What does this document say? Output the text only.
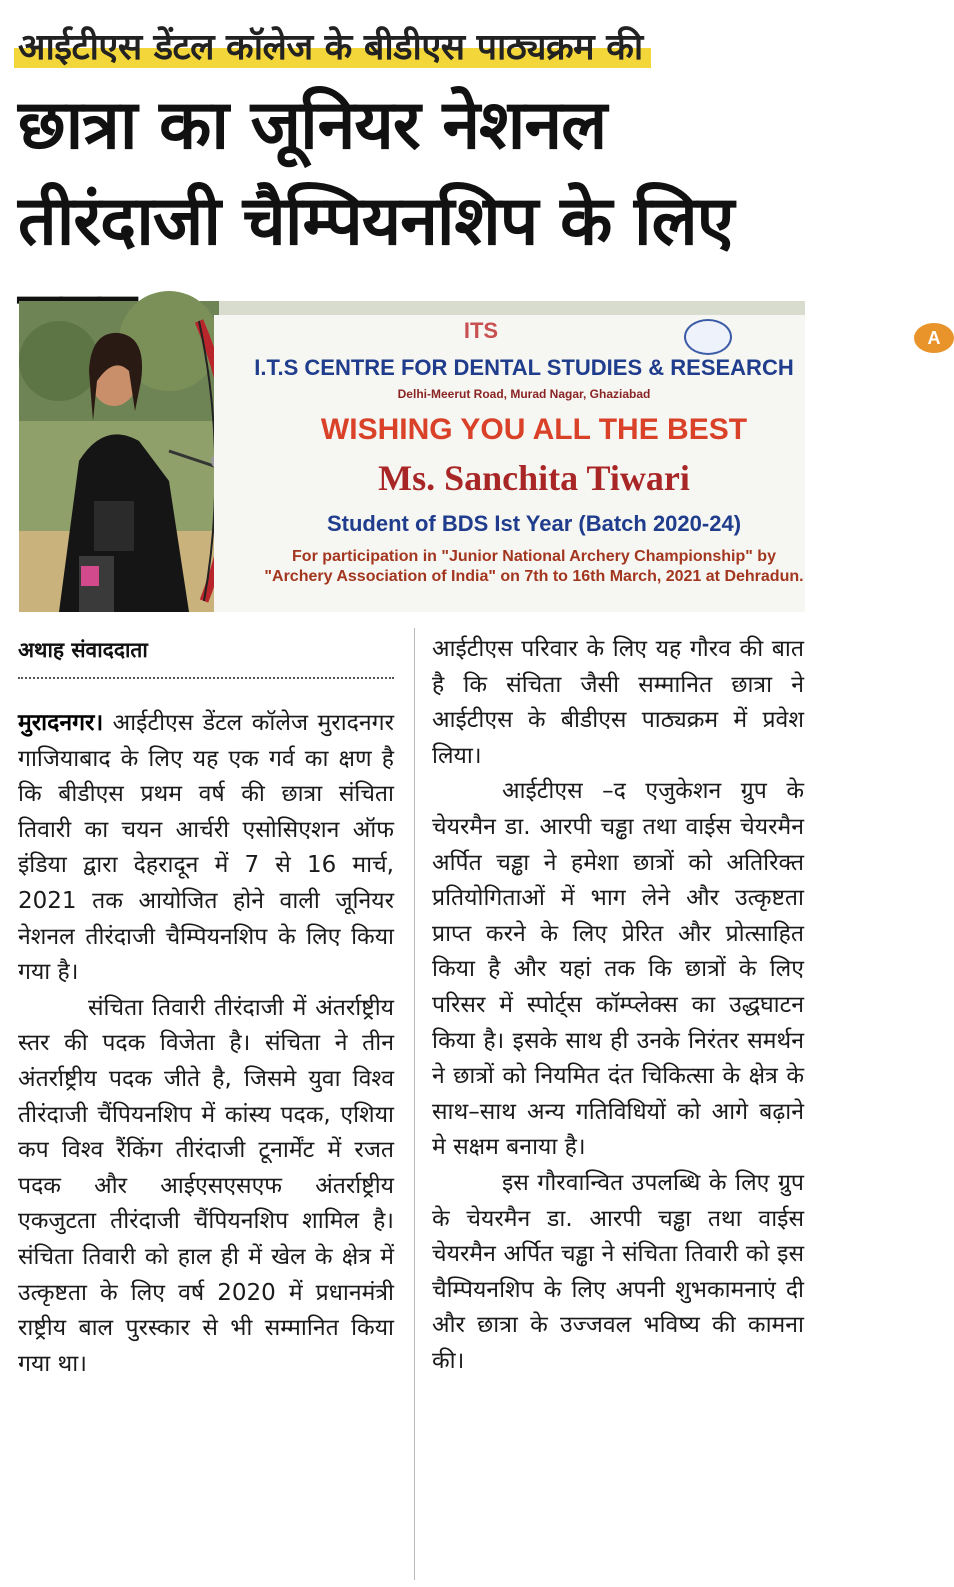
आईटीएस डेंटल कॉलेज के बीडीएस पाठ्यक्रम की
छात्रा का जूनियर नेशनल तीरंदाजी चैम्पियनशिप के लिए
ITS	A
I.T.S CENTRE FOR DENTAL STUDIES & RESEARCH
Delhi-Meerut Road, Murad Nagar, Ghaziabad
WISHING YOU ALL THE BEST
Ms. Sanchita Tiwari
Student of BDS Ist Year (Batch 2020-24)
For participation in "Junior National Archery Championship" by "Archery Association of India" on 7th to 16th March, 2021 at Dehradun.
अथाह संवाददाता

मुरादनगर। आईटीएस डेंटल कॉलेज मुरादनगर गाजियाबाद के लिए यह एक गर्व का क्षण है कि बीडीएस प्रथम वर्ष की छात्रा संचिता तिवारी का चयन आर्चरी एसोसिएशन ऑफ इंडिया द्वारा देहरादून में 7 से 16 मार्च, 2021 तक आयोजित होने वाली जूनियर नेशनल तीरंदाजी चैम्पियनशिप के लिए किया गया है।

संचिता तिवारी तीरंदाजी में अंतर्राष्ट्रीय स्तर की पदक विजेता है। संचिता ने तीन अंतर्राष्ट्रीय पदक जीते है, जिसमे युवा विश्व तीरंदाजी चैंपियनशिप में कांस्य पदक, एशिया कप विश्व रैंकिंग तीरंदाजी टूनार्मेंट में रजत पदक और आईएसएसएफ अंतर्राष्ट्रीय एकजुटता तीरंदाजी चैंपियनशिप शामिल है। संचिता तिवारी को हाल ही में खेल के क्षेत्र में उत्कृष्टता के लिए वर्ष 2020 में प्रधानमंत्री राष्ट्रीय बाल पुरस्कार से भी सम्मानित किया गया था।

आईटीएस परिवार के लिए यह गौरव की बात है कि संचिता जैसी सम्मानित छात्रा ने आईटीएस के बीडीएस पाठ्यक्रम में प्रवेश लिया।

आईटीएस –द एजुकेशन ग्रुप के चेयरमैन डा. आरपी चड्ढा तथा वाईस चेयरमैन अर्पित चड्ढा ने हमेशा छात्रों को अतिरिक्त प्रतियोगिताओं में भाग लेने और उत्कृष्टता प्राप्त करने के लिए प्रेरित और प्रोत्साहित किया है और यहां तक कि छात्रों के लिए परिसर में स्पोर्ट्स कॉम्प्लेक्स का उद्धघाटन किया है। इसके साथ ही उनके निरंतर समर्थन ने छात्रों को नियमित दंत चिकित्सा के क्षेत्र के साथ–साथ अन्य गतिविधियों को आगे बढ़ाने मे सक्षम बनाया है।

इस गौरवान्वित उपलब्धि के लिए ग्रुप के चेयरमैन डा. आरपी चड्ढा तथा वाईस चेयरमैन अर्पित चड्ढा ने संचिता तिवारी को इस चैम्पियनशिप के लिए अपनी शुभकामनाएं दी और छात्रा के उज्जवल भविष्य की कामना की।
